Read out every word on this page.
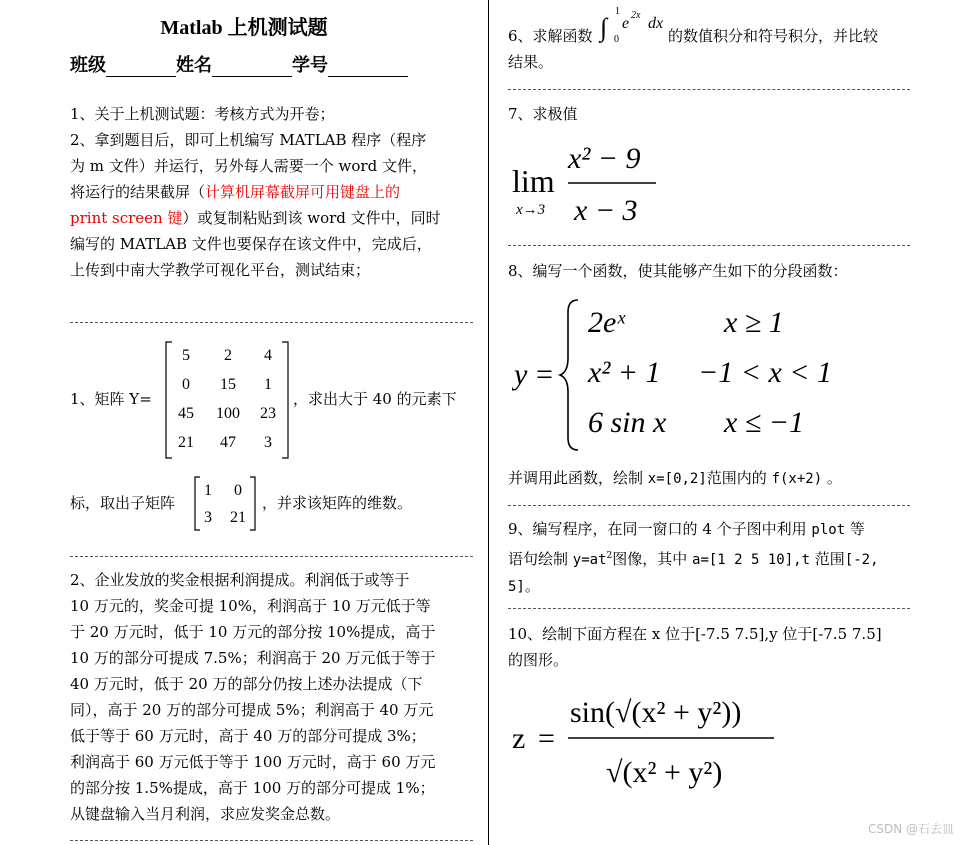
Matlab 上机测试题
班级	姓名	学号
1、关于上机测试题：考核方式为开卷；
2、拿到题目后，即可上机编写 MATLAB 程序（程序
为 m 文件）并运行，另外每人需要一个 word 文件，
将运行的结果截屏（计算机屏幕截屏可用键盘上的
print screen 键）或复制粘贴到该 word 文件中，同时
编写的 MATLAB 文件也要保存在该文件中，完成后，
上传到中南大学教学可视化平台，测试结束；
1、矩阵 Y=
5 2 4
0 15 1
45 100 23
21 47 3
，求出大于 40 的元素下
标，取出子矩阵
1 0
3 21
，并求该矩阵的维数。
2、企业发放的奖金根据利润提成。利润低于或等于
10 万元的，奖金可提 10%，利润高于 10 万元低于等
于 20 万元时，低于 10 万元的部分按 10%提成，高于
10 万的部分可提成 7.5%；利润高于 20 万元低于等于
40 万元时，低于 20 万的部分仍按上述办法提成（下
同），高于 20 万的部分可提成 5%；利润高于 40 万元
低于等于 60 万元时，高于 40 万的部分可提成 3%；
利润高于 60 万元低于等于 100 万元时，高于 60 万元
的部分按 1.5%提成，高于 100 万的部分可提成 1%；
从键盘输入当月利润，求应发奖金总数。
6、求解函数 ∫ 0
1
e 2x dx
的数值积分和符号积分，并比较
结果。
7、求极值
lim
x→3
x² − 9
x − 3
8、编写一个函数，使其能够产生如下的分段函数：
y =
2eˣ	x ≥ 1
x² + 1 −1 < x < 1
6 sin x x ≤ −1
并调用此函数，绘制 x=[0,2]范围内的 f(x+2) 。
9、编写程序，在同一窗口的 4 个子图中利用 plot 等
语句绘制 $y=at^2$图像，其中 a=[1 2 5 10],t 范围[-2,
5]。
10、绘制下面方程在 x 位于[-7.5 7.5],y 位于[-7.5 7.5]
的图形。
z =
sin(√(x² + y²))
√(x² + y²)
CSDN @石去皿
